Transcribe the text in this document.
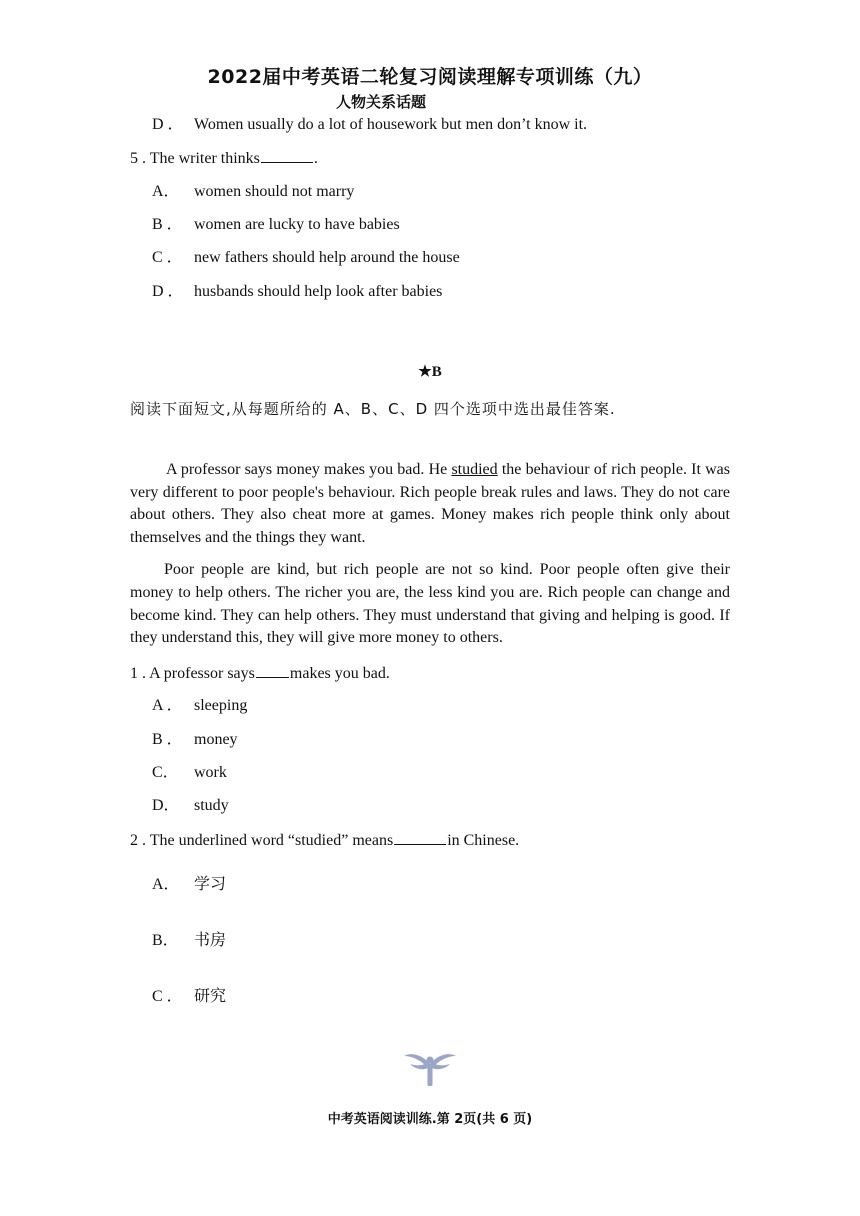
2022届中考英语二轮复习阅读理解专项训练（九）
人物关系话题
D ． Women usually do a lot of housework but men don’t know it.
5 . The writer thinks	.
A． women should not marry
B ． women are lucky to have babies
C ． new fathers should help around the house
D ． husbands should help look after babies
★B
阅读下面短文,从每题所给的 A、B、C、D 四个选项中选出最佳答案.

A professor says money makes you bad. He studied the behaviour of rich people. It was very different to poor people's behaviour. Rich people break rules and laws. They do not care about others. They also cheat more at games. Money makes rich people think only about themselves and the things they want.

Poor people are kind, but rich people are not so kind. Poor people often give their money to help others. The richer you are, the less kind you are. Rich people can change and become kind. They can help others. They must understand that giving and helping is good. If they understand this, they will give more money to others.

1 . A professor says makes you bad.
A ． sleeping
B ． money
C． work
D． study
2 . The underlined word “studied” means	in Chinese.
A． 学习
B． 书房
C ． 研究
中考英语阅读训练.第 2页(共 6 页)
